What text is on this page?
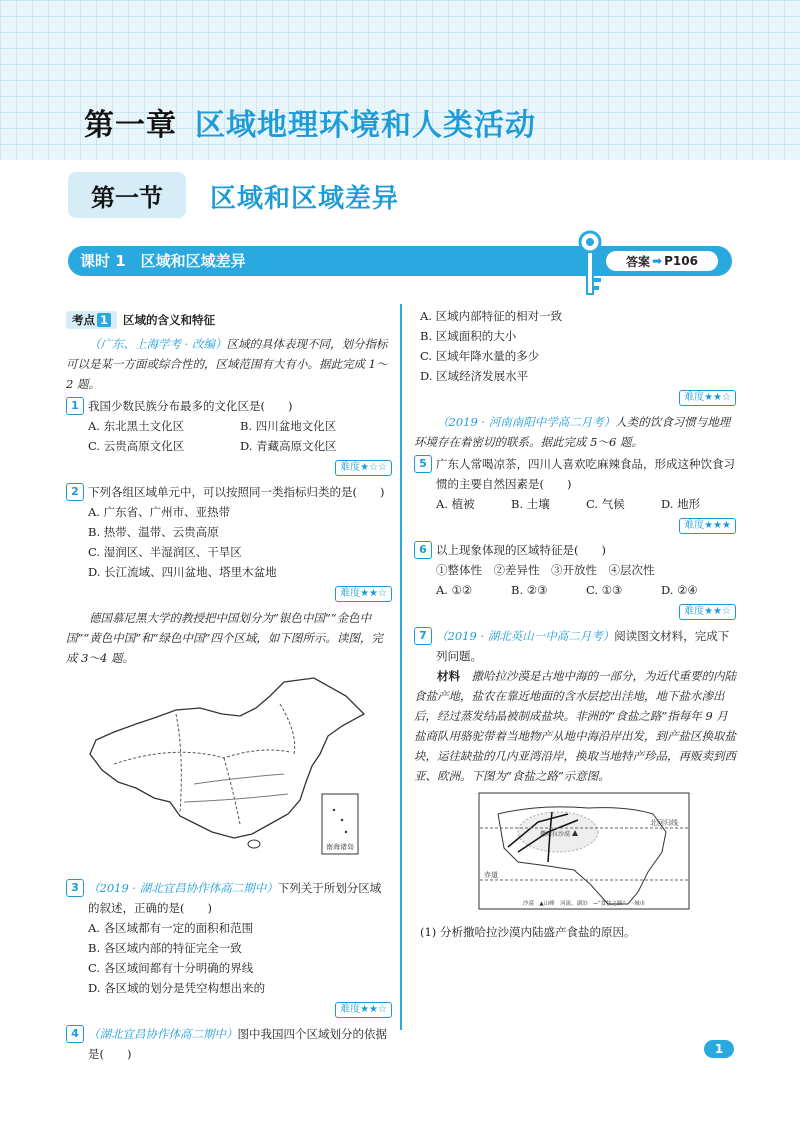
第一章 区域地理环境和人类活动
第一节	区域和区域差异
课时 1　区域和区域差异	答案 ➡ P106
考点 1	区域的含义和特征
（广东、上海学考 · 改编）区域的具体表现不同，划分指标可以是某一方面或综合性的，区域范围有大有小。据此完成 1～2 题。
1 我国少数民族分布最多的文化区是(　　)
A. 东北黑土文化区	B. 四川盆地文化区
C. 云贵高原文化区	D. 青藏高原文化区
难度★☆☆
2 下列各组区域单元中，可以按照同一类指标归类的是(　　)
A. 广东省、广州市、亚热带
B. 热带、温带、云贵高原
C. 湿润区、半湿润区、干旱区
D. 长江流域、四川盆地、塔里木盆地
难度★★☆
德国慕尼黑大学的教授把中国划分为“银色中国”“金色中国”“黄色中国”和“绿色中国”四个区域，如下图所示。读图，完成 3～4 题。
南海诸岛
3 （2019 · 湖北宜昌协作体高二期中）下列关于所划分区域的叙述，正确的是(　　)
A. 各区域都有一定的面积和范围
B. 各区域内部的特征完全一致
C. 各区域间都有十分明确的界线
D. 各区域的划分是凭空构想出来的
难度★★☆
4 （湖北宜昌协作体高二期中）图中我国四个区域划分的依据是(　　)
A. 区域内部特征的相对一致
B. 区域面积的大小
C. 区域年降水量的多少
D. 区域经济发展水平
难度★★☆
（2019 · 河南南阳中学高二月考）人类的饮食习惯与地理环境存在着密切的联系。据此完成 5～6 题。
5 广东人常喝凉茶，四川人喜欢吃麻辣食品，形成这种饮食习惯的主要自然因素是(　　)
A. 植被	B. 土壤	C. 气候	D. 地形
难度★★★
6 以上现象体现的区域特征是(　　)
①整体性　②差异性　③开放性　④层次性
A. ①②	B. ②③	C. ①③	D. ②④
难度★★☆
7 （2019 · 湖北英山一中高二月考）阅读图文材料，完成下列问题。
材料　 撒哈拉沙漠是古地中海的一部分，为近代重要的内陆食盐产地，盐农在靠近地面的含水层挖出洼地，地下盐水渗出后，经过蒸发结晶被制成盐块。非洲的“食盐之路”指每年 9 月盐商队用骆驼带着当地物产从地中海沿岸出发，到产盐区换取盐块，运往缺盐的几内亚湾沿岸，换取当地特产珍品，再贩卖到西亚、欧洲。下图为“食盐之路”示意图。
北回归线
赤道
撒哈拉沙漠
沙漠　▲山峰　河流、湖泊　→“食盐之路”　◦城市
(1) 分析撒哈拉沙漠内陆盛产食盐的原因。
1
